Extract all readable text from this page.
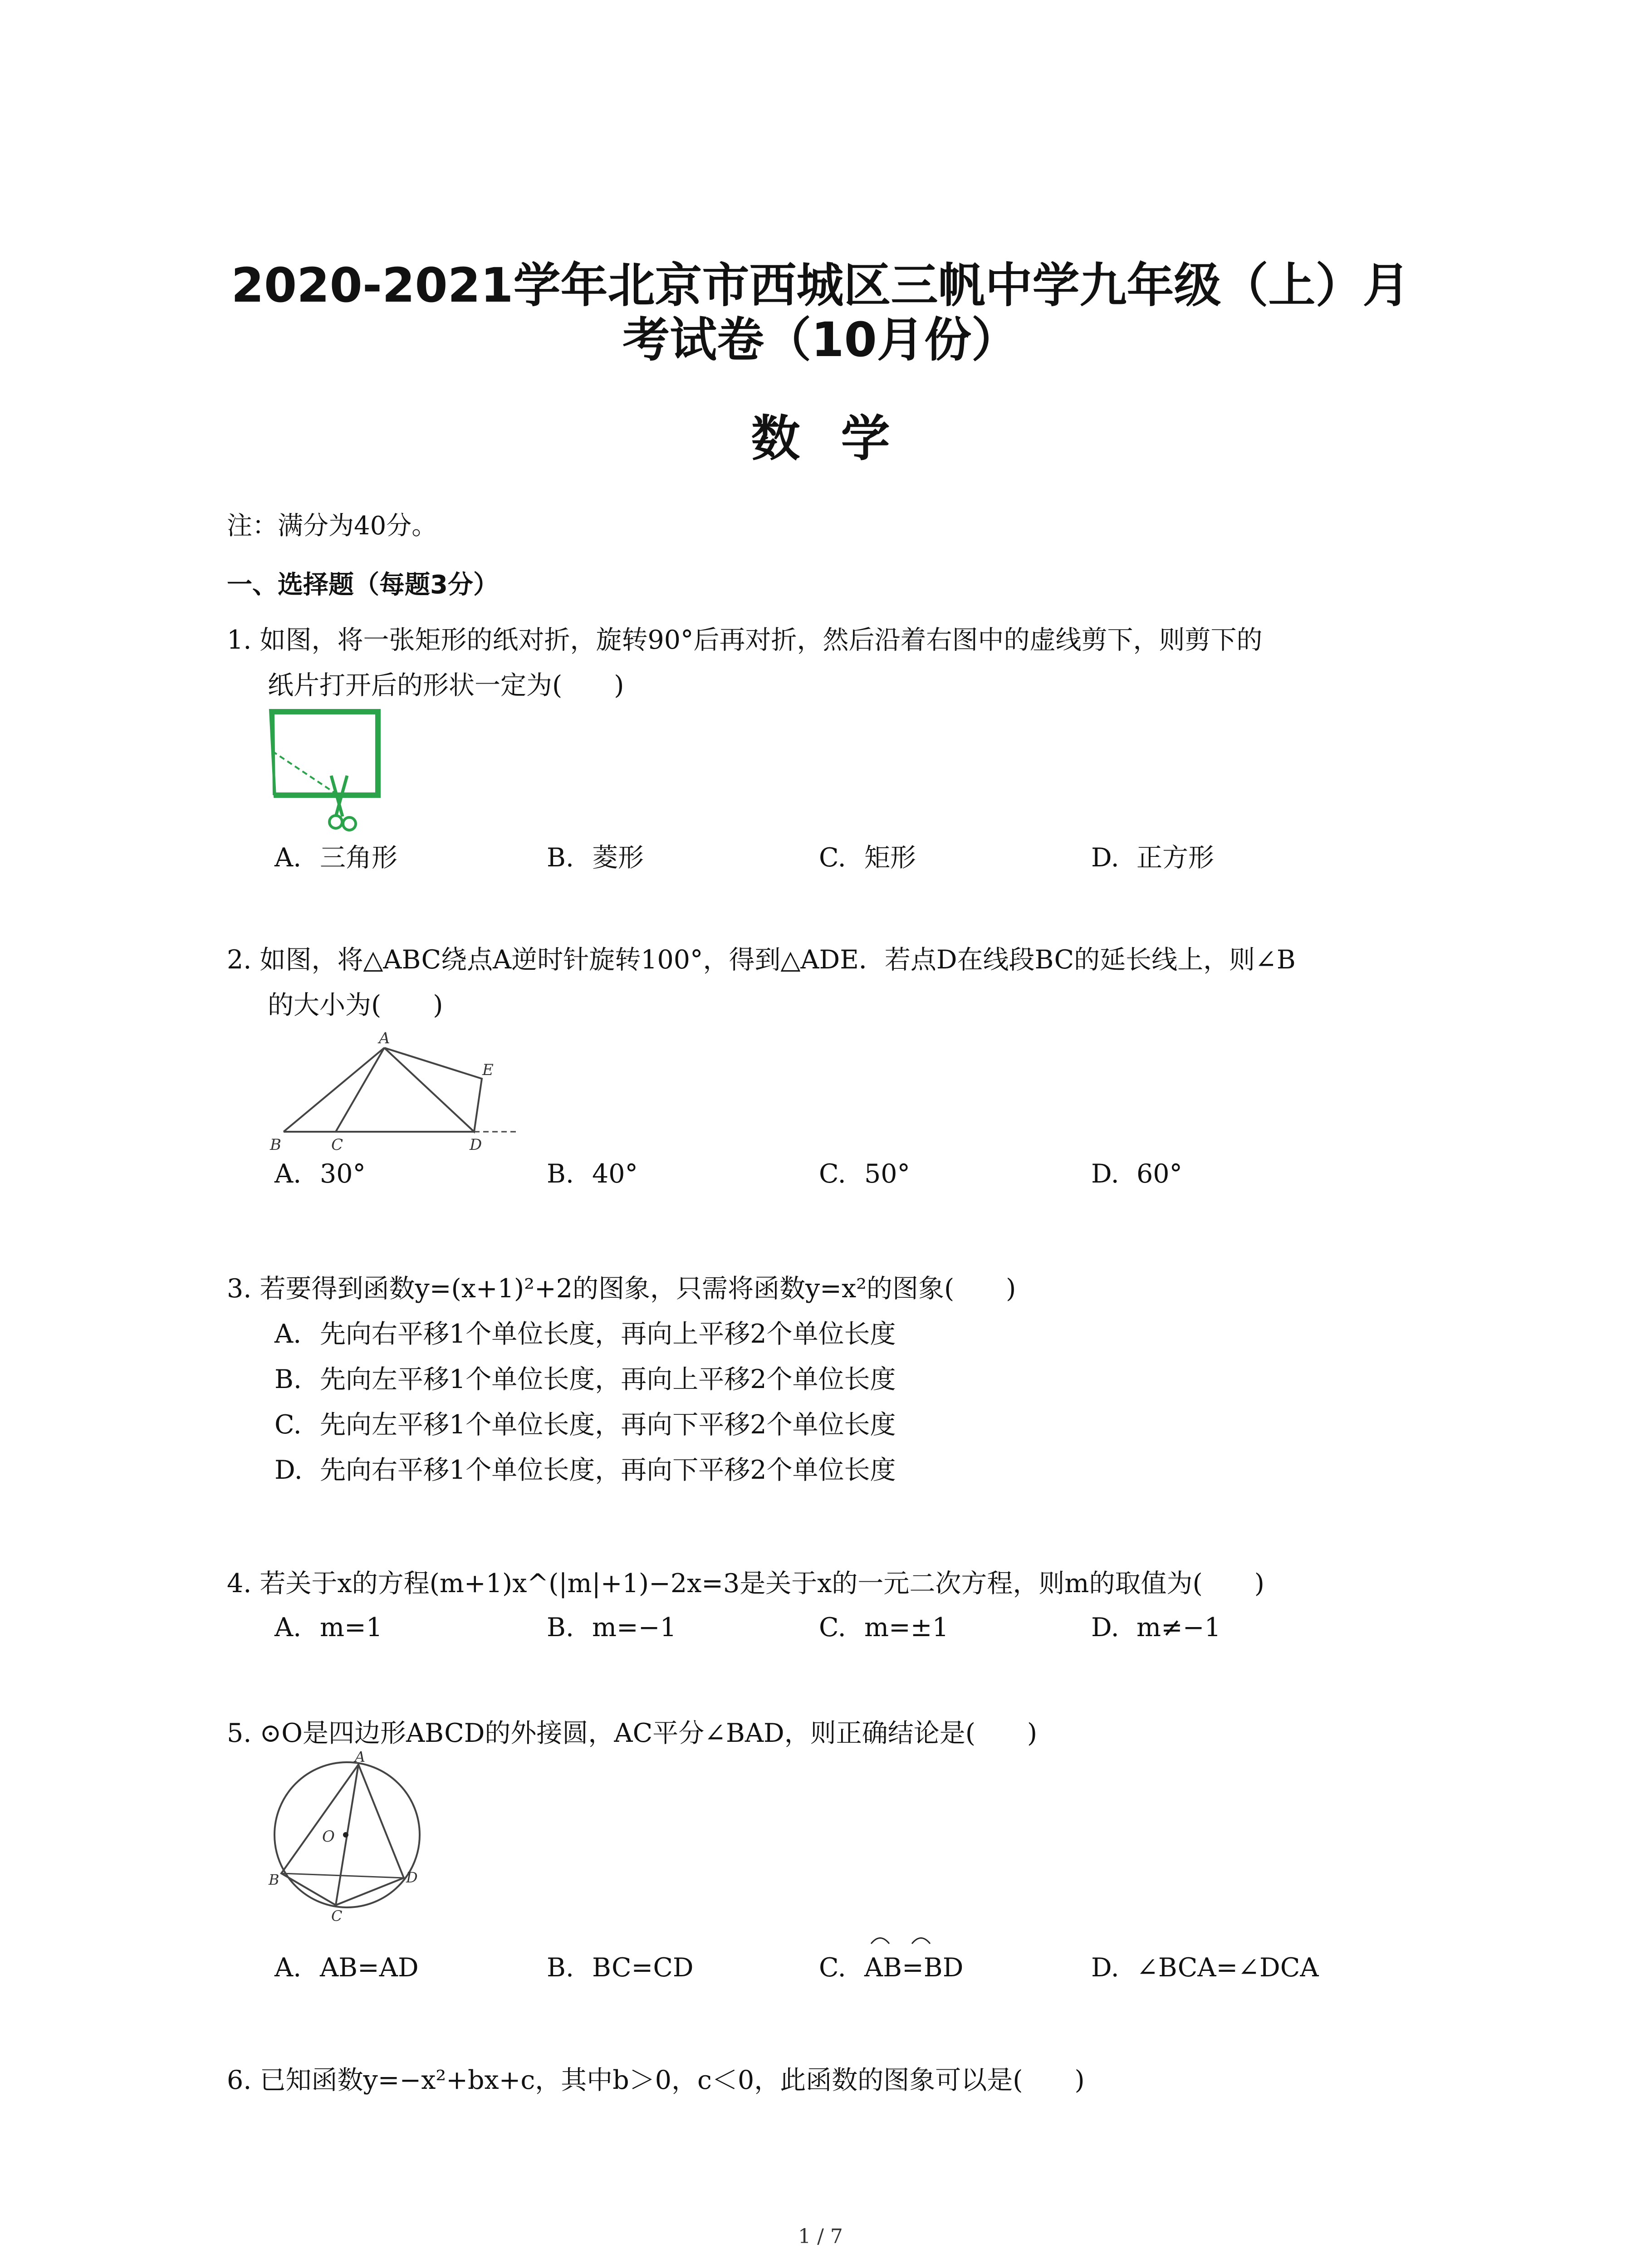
2020-2021学年北京市西城区三帆中学九年级（上）月
考试卷（10月份）
数学
注：满分为40分。
一、选择题（每题3分）
1. 如图，将一张矩形的纸对折，旋转90°后再对折，然后沿着右图中的虚线剪下，则剪下的
纸片打开后的形状一定为(　　)
A. 三角形	B. 菱形	C. 矩形	D. 正方形
2. 如图，将△ABC绕点A逆时针旋转100°，得到△ADE．若点D在线段BC的延长线上，则∠B
的大小为(　　)
A
B	C	D
E
A. 30°	B. 40°	C. 50°	D. 60°
3. 若要得到函数y=(x+1)²+2的图象，只需将函数y=x²的图象(　　)
A. 先向右平移1个单位长度，再向上平移2个单位长度
B. 先向左平移1个单位长度，再向上平移2个单位长度
C. 先向左平移1个单位长度，再向下平移2个单位长度
D. 先向右平移1个单位长度，再向下平移2个单位长度
4. 若关于x的方程(m+1)x^(|m|+1)−2x=3是关于x的一元二次方程，则m的取值为(　　)
A. m=1	B. m=−1	C. m=±1	D. m≠−1
5. ⊙O是四边形ABCD的外接圆，AC平分∠BAD，则正确结论是(　　)
A
B
C
D
O
A. AB=AD	B. BC=CD	C. AB=BD	D. ∠BCA=∠DCA
6. 已知函数y=−x²+bx+c，其中b＞0，c＜0，此函数的图象可以是(　　)
1 / 7
